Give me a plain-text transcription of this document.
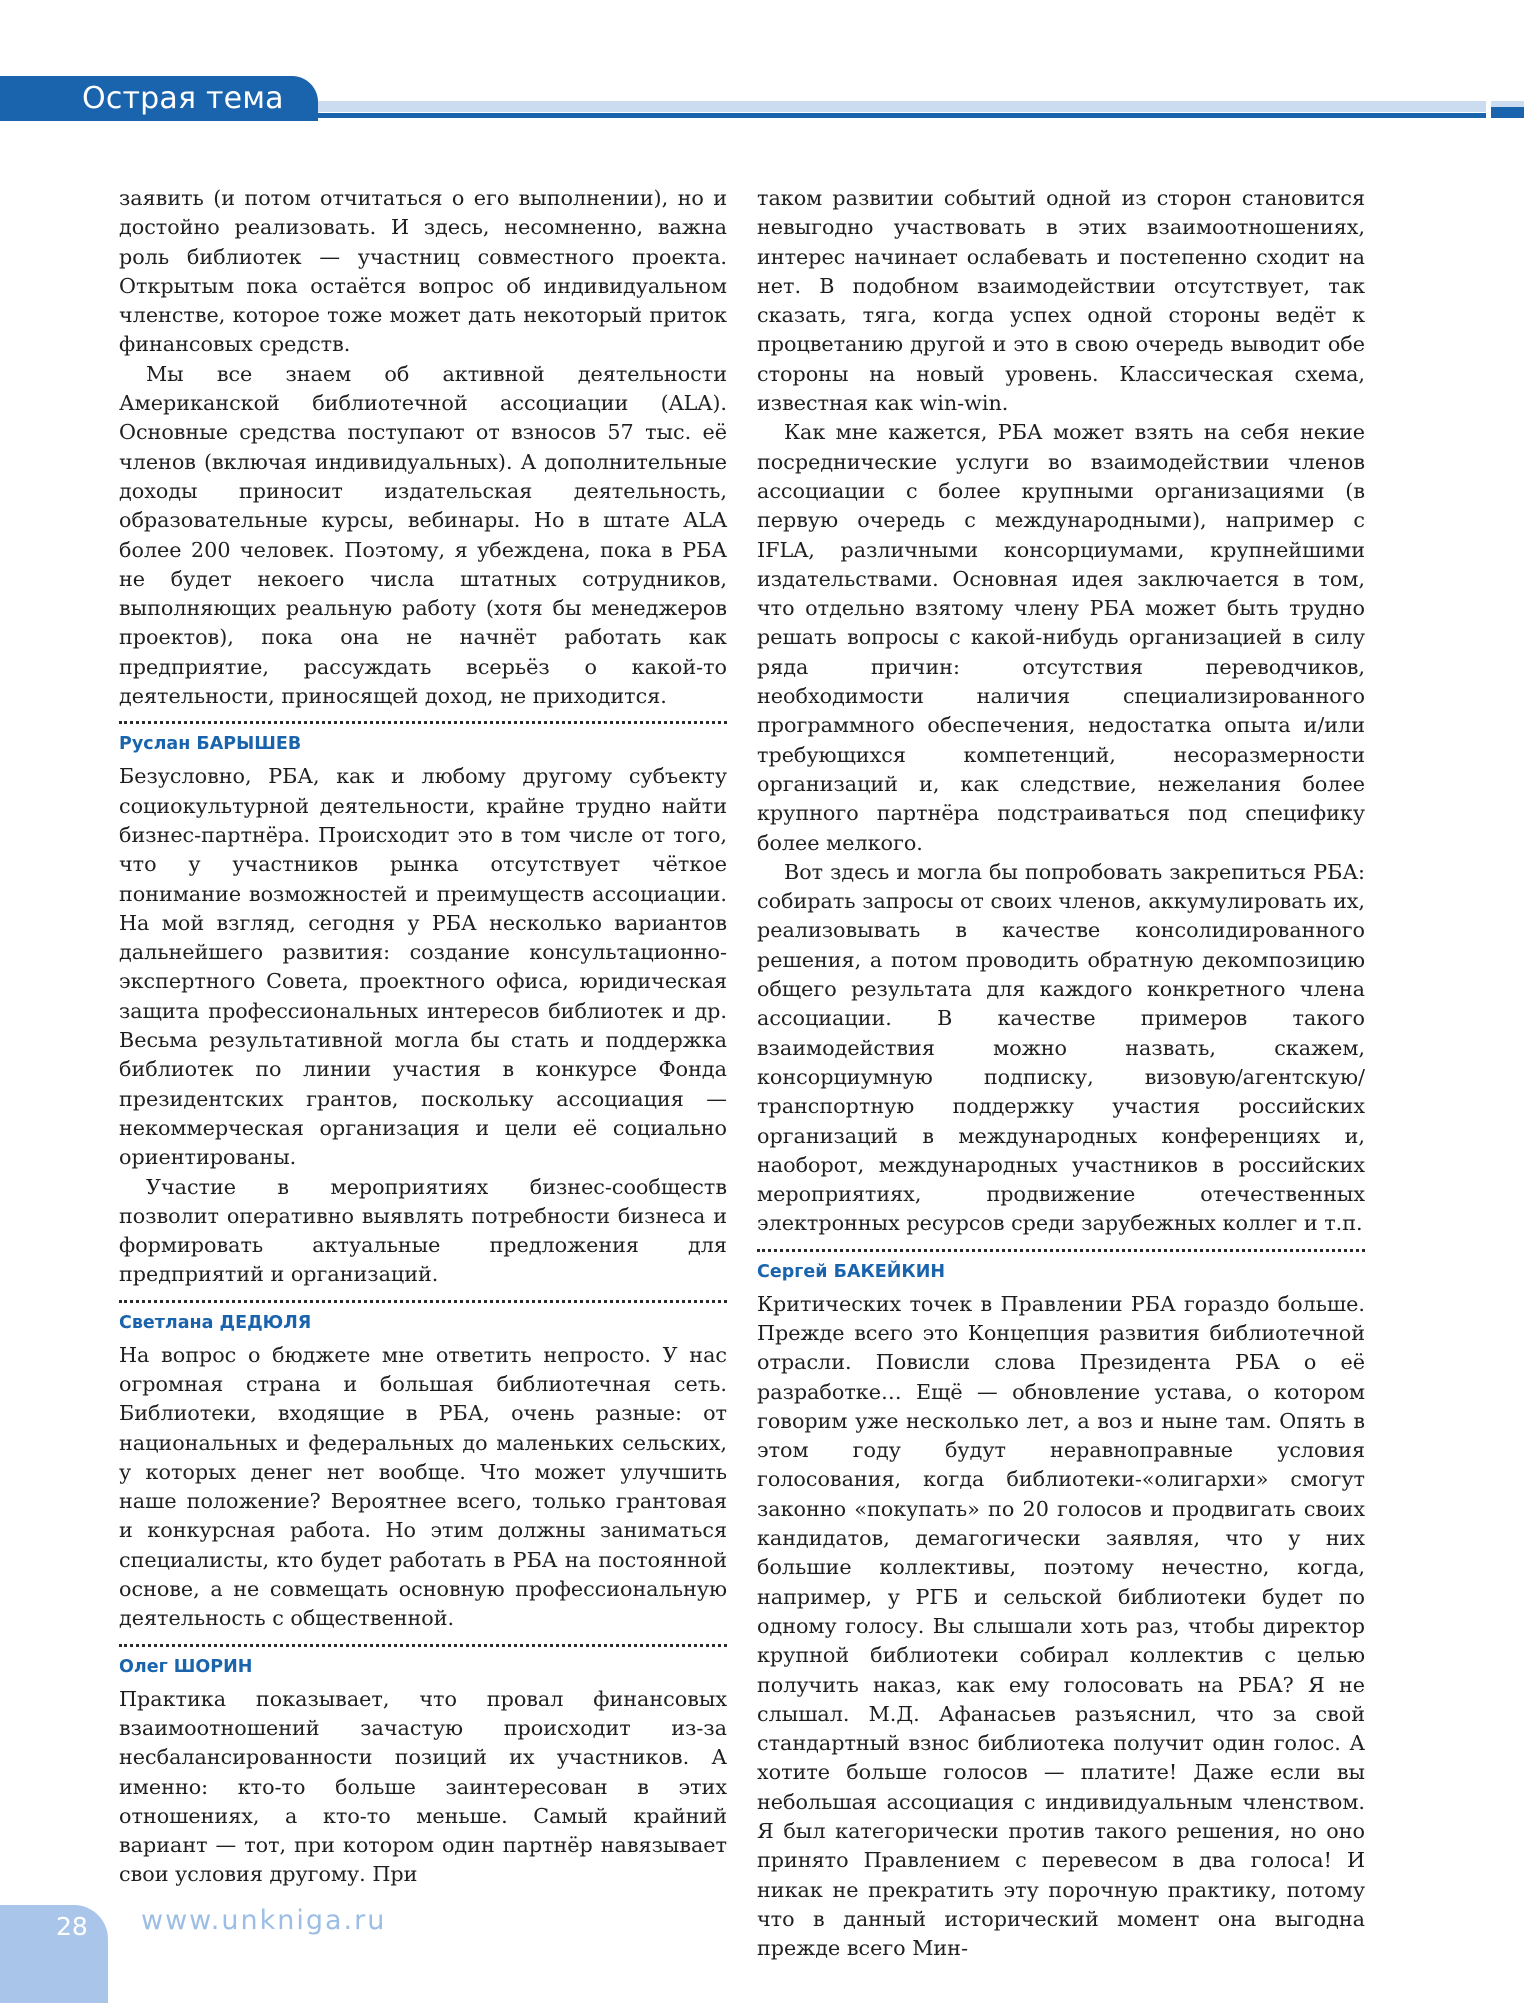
Острая тема

заявить (и потом отчитаться о его выполнении), но и достойно реализовать. И здесь, несомненно, важна роль библиотек — участниц совместного проекта. Открытым пока остаётся вопрос об индивидуальном членстве, которое тоже может дать некоторый приток финансовых средств.

Мы все знаем об активной деятельности Американской библиотечной ассоциации (ALA). Основные средства поступают от взносов 57 тыс. её членов (включая индивидуальных). А дополнительные доходы приносит издательская деятельность, образовательные курсы, вебинары. Но в штате ALA более 200 человек. Поэтому, я убеждена, пока в РБА не будет некоего числа штатных сотрудников, выполняющих реальную работу (хотя бы менеджеров проектов), пока она не начнёт работать как предприятие, рассуждать всерьёз о какой-то деятельности, приносящей доход, не приходится.

Руслан БАРЫШЕВ

Безусловно, РБА, как и любому другому субъекту социокультурной деятельности, крайне трудно найти бизнес-партнёра. Происходит это в том числе от того, что у участников рынка отсутствует чёткое понимание возможностей и преимуществ ассоциации. На мой взгляд, сегодня у РБА несколько вариантов дальнейшего развития: создание консультационно-экспертного Совета, проектного офиса, юридическая защита профессиональных интересов библиотек и др. Весьма результативной могла бы стать и поддержка библиотек по линии участия в конкурсе Фонда президентских грантов, поскольку ассоциация — некоммерческая организация и цели её социально ориентированы.

Участие в мероприятиях бизнес-сообществ позволит оперативно выявлять потребности бизнеса и формировать актуальные предложения для предприятий и организаций.

Светлана ДЕДЮЛЯ

На вопрос о бюджете мне ответить непросто. У нас огромная страна и большая библиотечная сеть. Библиотеки, входящие в РБА, очень разные: от национальных и федеральных до маленьких сельских, у которых денег нет вообще. Что может улучшить наше положение? Вероятнее всего, только грантовая и конкурсная работа. Но этим должны заниматься специалисты, кто будет работать в РБА на постоянной основе, а не совмещать основную профессиональную деятельность с общественной.

Олег ШОРИН

Практика показывает, что провал финансовых взаимоотношений зачастую происходит из-за несбалансированности позиций их участников. А именно: кто-то больше заинтересован в этих отношениях, а кто-то меньше. Самый крайний вариант — тот, при котором один партнёр навязывает свои условия другому. При

таком развитии событий одной из сторон становится невыгодно участвовать в этих взаимоотношениях, интерес начинает ослабевать и постепенно сходит на нет. В подобном взаимодействии отсутствует, так сказать, тяга, когда успех одной стороны ведёт к процветанию другой и это в свою очередь выводит обе стороны на новый уровень. Классическая схема, известная как win-win.

Как мне кажется, РБА может взять на себя некие посреднические услуги во взаимодействии членов ассоциации с более крупными организациями (в первую очередь с международными), например с IFLA, различными консорциумами, крупнейшими издательствами. Основная идея заключается в том, что отдельно взятому члену РБА может быть трудно решать вопросы с какой-нибудь организацией в силу ряда причин: отсутствия переводчиков, необходимости наличия специализированного программного обеспечения, недостатка опыта и/или требующихся компетенций, несоразмерности организаций и, как следствие, нежелания более крупного партнёра подстраиваться под специфику более мелкого.

Вот здесь и могла бы попробовать закрепиться РБА: собирать запросы от своих членов, аккумулировать их, реализовывать в качестве консолидированного решения, а потом проводить обратную декомпозицию общего результата для каждого конкретного члена ассоциации. В качестве примеров такого взаимодействия можно назвать, скажем, консорциумную подписку, визовую/агентскую/транспортную поддержку участия российских организаций в международных конференциях и, наоборот, международных участников в российских мероприятиях, продвижение отечественных электронных ресурсов среди зарубежных коллег и т.п.

Сергей БАКЕЙКИН

Критических точек в Правлении РБА гораздо больше. Прежде всего это Концепция развития библиотечной отрасли. Повисли слова Президента РБА о её разработке… Ещё — обновление устава, о котором говорим уже несколько лет, а воз и ныне там. Опять в этом году будут неравноправные условия голосования, когда библиотеки-«олигархи» смогут законно «покупать» по 20 голосов и продвигать своих кандидатов, демагогически заявляя, что у них большие коллективы, поэтому нечестно, когда, например, у РГБ и сельской библиотеки будет по одному голосу. Вы слышали хоть раз, чтобы директор крупной библиотеки собирал коллектив с целью получить наказ, как ему голосовать на РБА? Я не слышал. М.Д. Афанасьев разъяснил, что за свой стандартный взнос библиотека получит один голос. А хотите больше голосов — платите! Даже если вы небольшая ассоциация с индивидуальным членством. Я был категорически против такого решения, но оно принято Правлением с перевесом в два голоса! И никак не прекратить эту порочную практику, потому что в данный исторический момент она выгодна прежде всего Мин-

28 www.unkniga.ru
